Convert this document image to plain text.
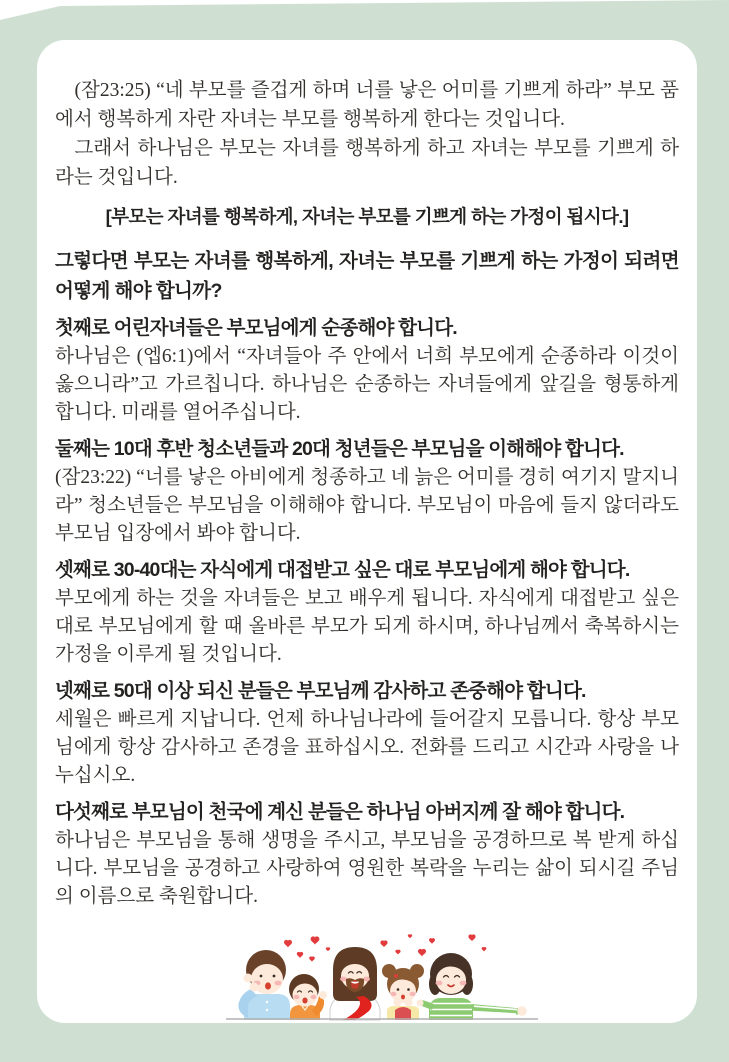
(잠23:25) “네 부모를 즐겁게 하며 너를 낳은 어미를 기쁘게 하라” 부모 품에서 행복하게 자란 자녀는 부모를 행복하게 한다는 것입니다.

그래서 하나님은 부모는 자녀를 행복하게 하고 자녀는 부모를 기쁘게 하라는 것입니다.

[부모는 자녀를 행복하게, 자녀는 부모를 기쁘게 하는 가정이 됩시다.]

그렇다면 부모는 자녀를 행복하게, 자녀는 부모를 기쁘게 하는 가정이 되려면 어떻게 해야 합니까?

첫째로 어린자녀들은 부모님에게 순종해야 합니다.

하나님은 (엡6:1)에서 “자녀들아 주 안에서 너희 부모에게 순종하라 이것이 옳으니라”고 가르칩니다. 하나님은 순종하는 자녀들에게 앞길을 형통하게 합니다. 미래를 열어주십니다.

둘째는 10대 후반 청소년들과 20대 청년들은 부모님을 이해해야 합니다.

(잠23:22) “너를 낳은 아비에게 청종하고 네 늙은 어미를 경히 여기지 말지니라” 청소년들은 부모님을 이해해야 합니다. 부모님이 마음에 들지 않더라도 부모님 입장에서 봐야 합니다.

셋째로 30-40대는 자식에게 대접받고 싶은 대로 부모님에게 해야 합니다.

부모에게 하는 것을 자녀들은 보고 배우게 됩니다. 자식에게 대접받고 싶은 대로 부모님에게 할 때 올바른 부모가 되게 하시며, 하나님께서 축복하시는 가정을 이루게 될 것입니다.

넷째로 50대 이상 되신 분들은 부모님께 감사하고 존중해야 합니다.

세월은 빠르게 지납니다. 언제 하나님나라에 들어갈지 모릅니다. 항상 부모님에게 항상 감사하고 존경을 표하십시오. 전화를 드리고 시간과 사랑을 나누십시오.

다섯째로 부모님이 천국에 계신 분들은 하나님 아버지께 잘 해야 합니다.

하나님은 부모님을 통해 생명을 주시고, 부모님을 공경하므로 복 받게 하십니다. 부모님을 공경하고 사랑하여 영원한 복락을 누리는 삶이 되시길 주님의 이름으로 축원합니다.
